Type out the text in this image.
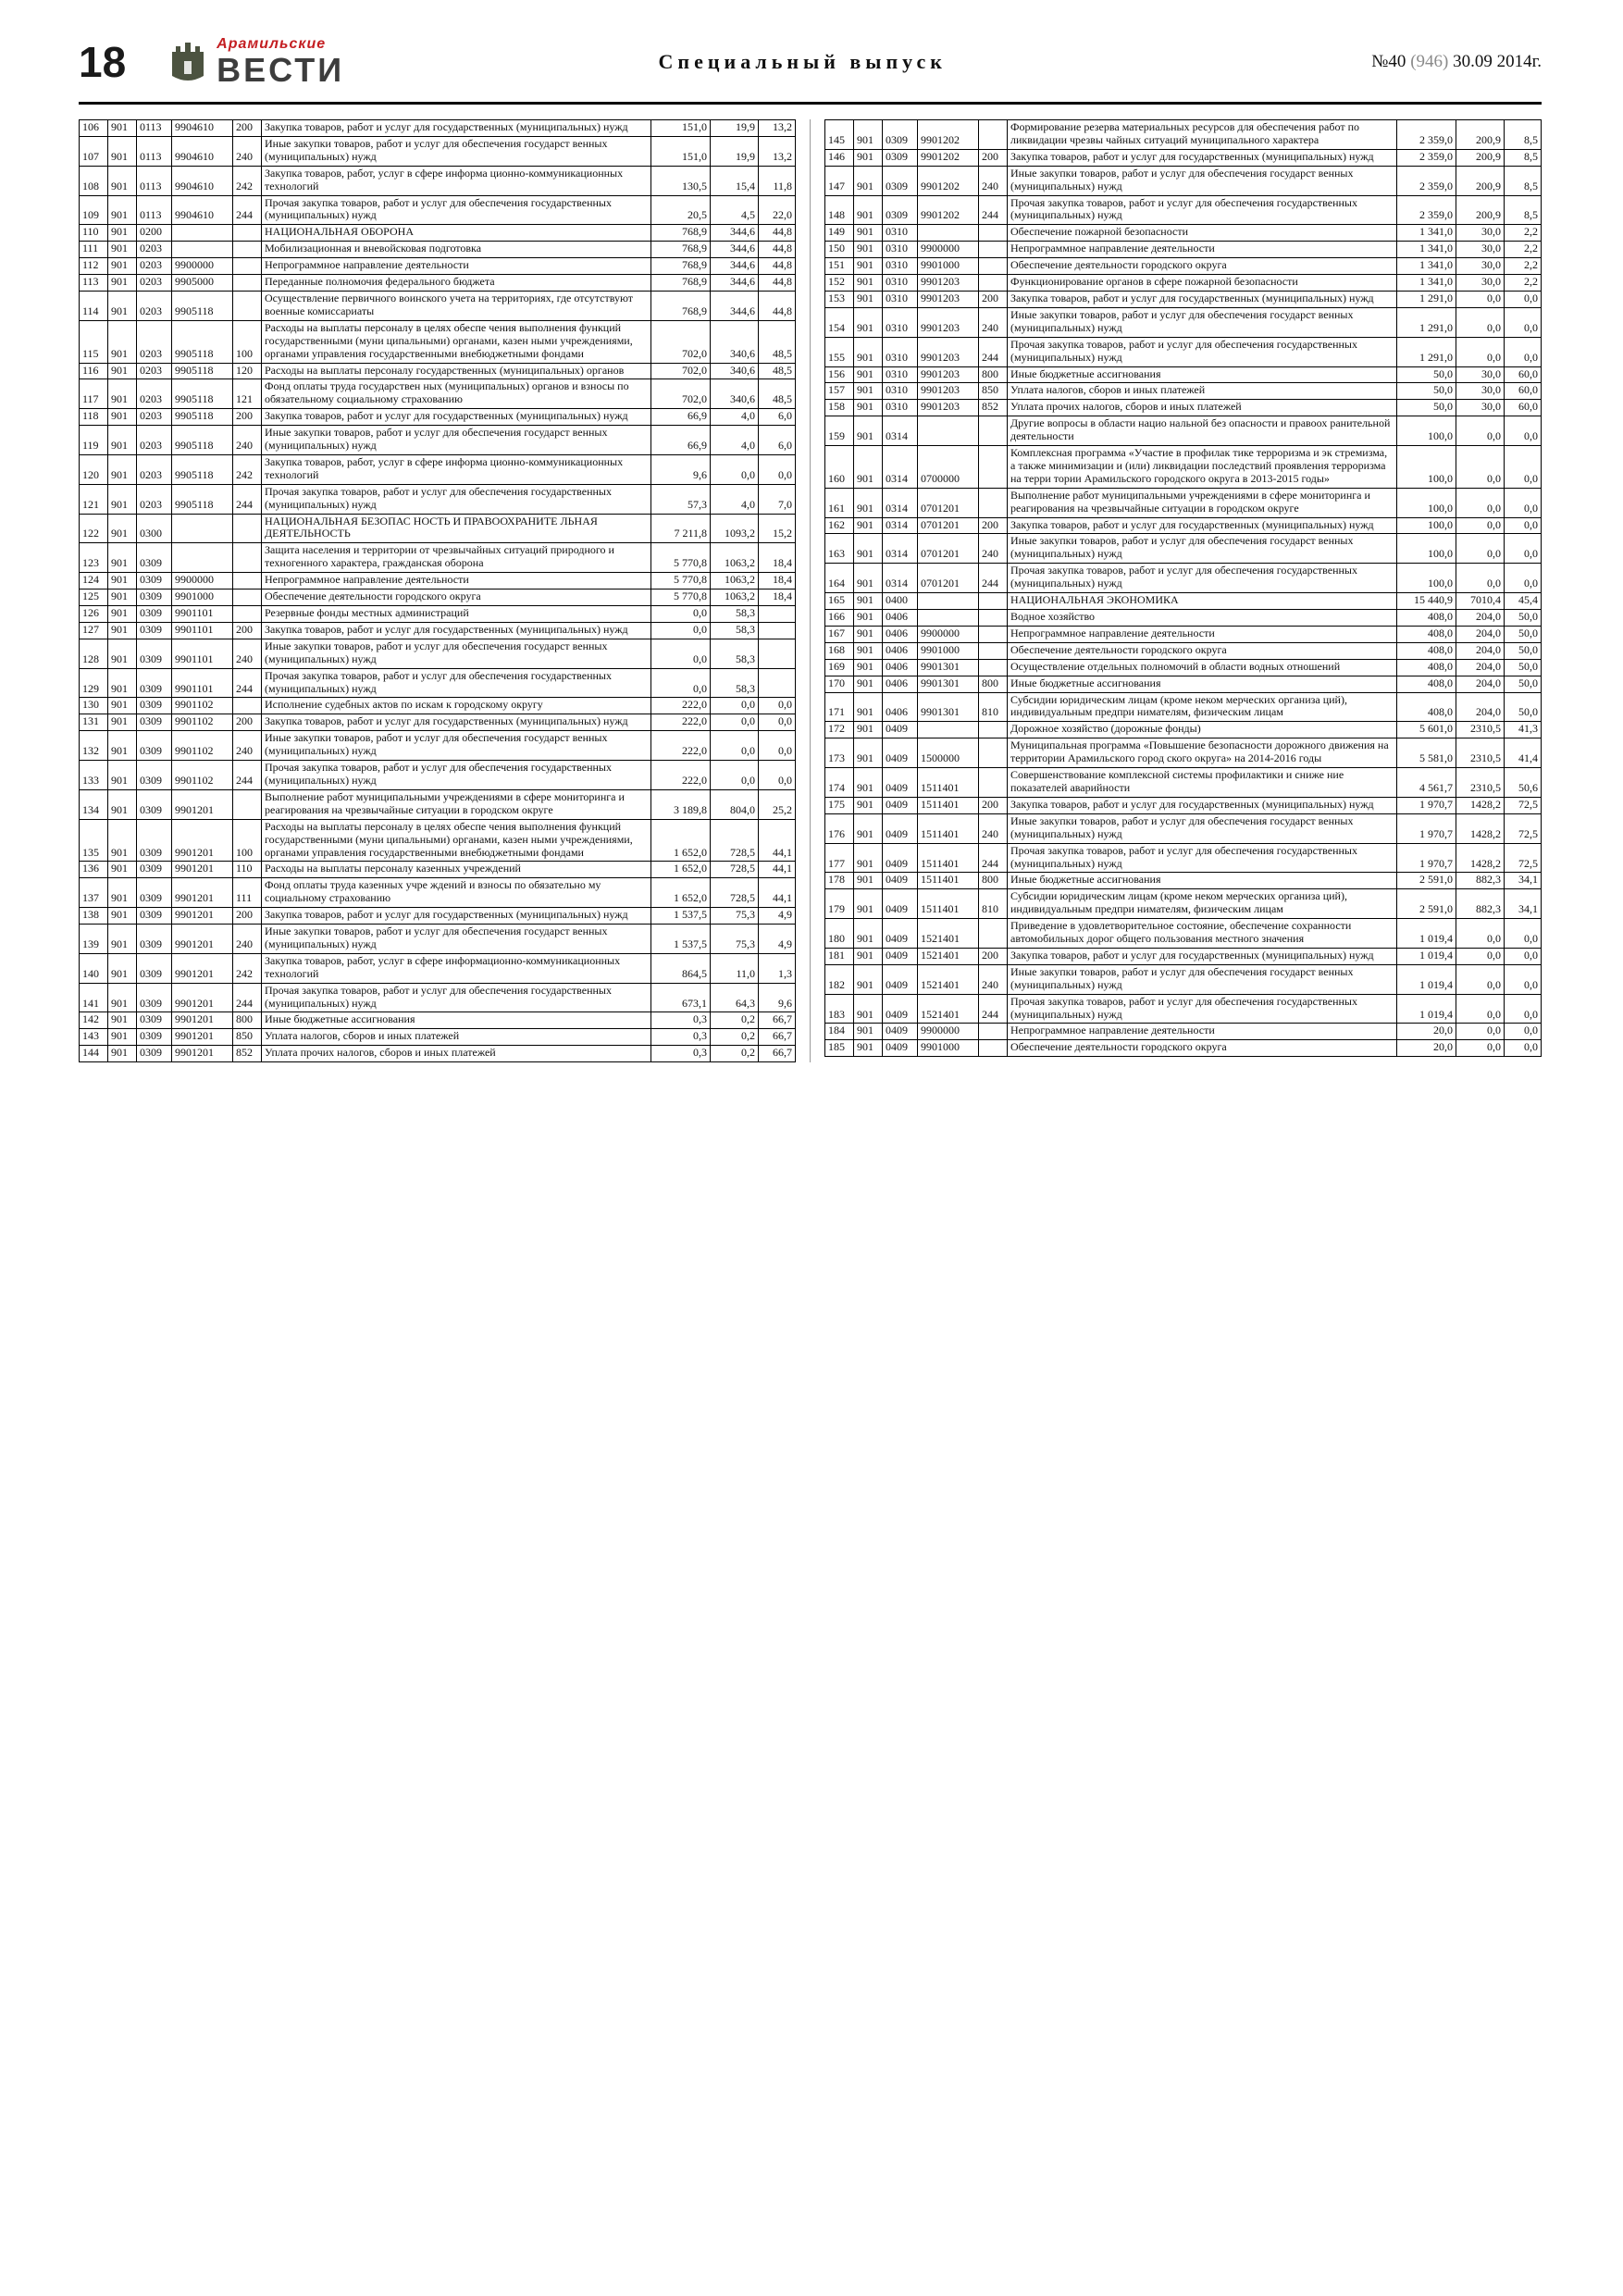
18	Арамильские
ВЕСТИ	Специальный выпуск	№40 (946) 30.09 2014г.
106	901	0113	9904610	200	Закупка товаров, работ и услуг для государственных (муниципальных) нужд	151,0	19,9	13,2
107	901	0113	9904610	240	Иные закупки товаров, работ и услуг для обеспечения государст венных (муниципальных) нужд	151,0	19,9	13,2
108	901	0113	9904610	242	Закупка товаров, работ, услуг в сфере информа ционно-коммуникационных технологий	130,5	15,4	11,8
109	901	0113	9904610	244	Прочая закупка товаров, работ и услуг для обеспечения государственных (муниципальных) нужд	20,5	4,5	22,0
110	901	0200			НАЦИОНАЛЬНАЯ ОБОРОНА	768,9	344,6	44,8
111	901	0203			Мобилизационная и вневойсковая подготовка	768,9	344,6	44,8
112	901	0203	9900000		Непрограммное направление деятельности	768,9	344,6	44,8
113	901	0203	9905000		Переданные полномочия федерального бюджета	768,9	344,6	44,8
114	901	0203	9905118		Осуществление первичного воинского учета на территориях, где отсутствуют военные комиссариаты	768,9	344,6	44,8
115	901	0203	9905118	100	Расходы на выплаты персоналу в целях обеспе чения выполнения функций государственными (муни ципальными) органами, казен ными учреждениями, органами управления государственными внебюджетными фондами	702,0	340,6	48,5
116	901	0203	9905118	120	Расходы на выплаты персоналу государственных (муниципальных) органов	702,0	340,6	48,5
117	901	0203	9905118	121	Фонд оплаты труда государствен ных (муниципальных) органов и взносы по обязательному социальному страхованию	702,0	340,6	48,5
118	901	0203	9905118	200	Закупка товаров, работ и услуг для государственных (муниципальных) нужд	66,9	4,0	6,0
119	901	0203	9905118	240	Иные закупки товаров, работ и услуг для обеспечения государст венных (муниципальных) нужд	66,9	4,0	6,0
120	901	0203	9905118	242	Закупка товаров, работ, услуг в сфере информа ционно-коммуникационных технологий	9,6	0,0	0,0
121	901	0203	9905118	244	Прочая закупка товаров, работ и услуг для обеспечения государственных (муниципальных) нужд	57,3	4,0	7,0
122	901	0300			НАЦИОНАЛЬНАЯ БЕЗОПАС НОСТЬ И ПРАВООХРАНИТЕ ЛЬНАЯ ДЕЯТЕЛЬНОСТЬ	7 211,8	1093,2	15,2
123	901	0309			Защита населения и территории от чрезвычайных ситуаций природного и техногенного характера, гражданская оборона	5 770,8	1063,2	18,4
124	901	0309	9900000		Непрограммное направление деятельности	5 770,8	1063,2	18,4
125	901	0309	9901000		Обеспечение деятельности городского округа	5 770,8	1063,2	18,4
126	901	0309	9901101		Резервные фонды местных администраций	0,0	58,3	
127	901	0309	9901101	200	Закупка товаров, работ и услуг для государственных (муниципальных) нужд	0,0	58,3	
128	901	0309	9901101	240	Иные закупки товаров, работ и услуг для обеспечения государст венных (муниципальных) нужд	0,0	58,3	
129	901	0309	9901101	244	Прочая закупка товаров, работ и услуг для обеспечения государственных (муниципальных) нужд	0,0	58,3	
130	901	0309	9901102		Исполнение судебных актов по искам к городскому округу	222,0	0,0	0,0
131	901	0309	9901102	200	Закупка товаров, работ и услуг для государственных (муниципальных) нужд	222,0	0,0	0,0
132	901	0309	9901102	240	Иные закупки товаров, работ и услуг для обеспечения государст венных (муниципальных) нужд	222,0	0,0	0,0
133	901	0309	9901102	244	Прочая закупка товаров, работ и услуг для обеспечения государственных (муниципальных) нужд	222,0	0,0	0,0
134	901	0309	9901201		Выполнение работ муниципальными учреждениями в сфере мониторинга и реагирования на чрезвычайные ситуации в городском округе	3 189,8	804,0	25,2
135	901	0309	9901201	100	Расходы на выплаты персоналу в целях обеспе чения выполнения функций государственными (муни ципальными) органами, казен ными учреждениями, органами управления государственными внебюджетными фондами	1 652,0	728,5	44,1
136	901	0309	9901201	110	Расходы на выплаты персоналу казенных учреждений	1 652,0	728,5	44,1
137	901	0309	9901201	111	Фонд оплаты труда казенных учре ждений и взносы по обязательно му социальному страхованию	1 652,0	728,5	44,1
138	901	0309	9901201	200	Закупка товаров, работ и услуг для государственных (муниципальных) нужд	1 537,5	75,3	4,9
139	901	0309	9901201	240	Иные закупки товаров, работ и услуг для обеспечения государст венных (муниципальных) нужд	1 537,5	75,3	4,9
140	901	0309	9901201	242	Закупка товаров, работ, услуг в сфере информационно-коммуникационных технологий	864,5	11,0	1,3
141	901	0309	9901201	244	Прочая закупка товаров, работ и услуг для обеспечения государственных (муниципальных) нужд	673,1	64,3	9,6
142	901	0309	9901201	800	Иные бюджетные ассигнования	0,3	0,2	66,7
143	901	0309	9901201	850	Уплата налогов, сборов и иных платежей	0,3	0,2	66,7
144	901	0309	9901201	852	Уплата прочих налогов, сборов и иных платежей	0,3	0,2	66,7
145	901	0309	9901202		Формирование резерва материальных ресурсов для обеспечения работ по ликвидации чрезвы чайных ситуаций муниципального характера	2 359,0	200,9	8,5
146	901	0309	9901202	200	Закупка товаров, работ и услуг для государственных (муниципальных) нужд	2 359,0	200,9	8,5
147	901	0309	9901202	240	Иные закупки товаров, работ и услуг для обеспечения государст венных (муниципальных) нужд	2 359,0	200,9	8,5
148	901	0309	9901202	244	Прочая закупка товаров, работ и услуг для обеспечения государственных (муниципальных) нужд	2 359,0	200,9	8,5
149	901	0310			Обеспечение пожарной безопасности	1 341,0	30,0	2,2
150	901	0310	9900000		Непрограммное направление деятельности	1 341,0	30,0	2,2
151	901	0310	9901000		Обеспечение деятельности городского округа	1 341,0	30,0	2,2
152	901	0310	9901203		Функционирование органов в сфере пожарной безопасности	1 341,0	30,0	2,2
153	901	0310	9901203	200	Закупка товаров, работ и услуг для государственных (муниципальных) нужд	1 291,0	0,0	0,0
154	901	0310	9901203	240	Иные закупки товаров, работ и услуг для обеспечения государст венных (муниципальных) нужд	1 291,0	0,0	0,0
155	901	0310	9901203	244	Прочая закупка товаров, работ и услуг для обеспечения государственных (муниципальных) нужд	1 291,0	0,0	0,0
156	901	0310	9901203	800	Иные бюджетные ассигнования	50,0	30,0	60,0
157	901	0310	9901203	850	Уплата налогов, сборов и иных платежей	50,0	30,0	60,0
158	901	0310	9901203	852	Уплата прочих налогов, сборов и иных платежей	50,0	30,0	60,0
159	901	0314			Другие вопросы в области нацио нальной без опасности и правоох ранительной деятельности	100,0	0,0	0,0
160	901	0314	0700000		Комплексная программа «Участие в профилак тике терроризма и эк стремизма, а также минимизации и (или) ликвидации последствий проявления терроризма на терри тории Арамильского городского округа в 2013-2015 годы»	100,0	0,0	0,0
161	901	0314	0701201		Выполнение работ муниципальными учреждениями в сфере мониторинга и реагирования на чрезвычайные ситуации в городском округе	100,0	0,0	0,0
162	901	0314	0701201	200	Закупка товаров, работ и услуг для государственных (муниципальных) нужд	100,0	0,0	0,0
163	901	0314	0701201	240	Иные закупки товаров, работ и услуг для обеспечения государст венных (муниципальных) нужд	100,0	0,0	0,0
164	901	0314	0701201	244	Прочая закупка товаров, работ и услуг для обеспечения государственных (муниципальных) нужд	100,0	0,0	0,0
165	901	0400			НАЦИОНАЛЬНАЯ ЭКОНОМИКА	15 440,9	7010,4	45,4
166	901	0406			Водное хозяйство	408,0	204,0	50,0
167	901	0406	9900000		Непрограммное направление деятельности	408,0	204,0	50,0
168	901	0406	9901000		Обеспечение деятельности городского округа	408,0	204,0	50,0
169	901	0406	9901301		Осуществление отдельных полномочий в области водных отношений	408,0	204,0	50,0
170	901	0406	9901301	800	Иные бюджетные ассигнования	408,0	204,0	50,0
171	901	0406	9901301	810	Субсидии юридическим лицам (кроме неком мерческих организа ций), индивидуальным предпри нимателям, физическим лицам	408,0	204,0	50,0
172	901	0409			Дорожное хозяйство (дорожные фонды)	5 601,0	2310,5	41,3
173	901	0409	1500000		Муниципальная программа «Повышение безопасности дорожного движения на территории Арамильского город ского округа» на 2014-2016 годы	5 581,0	2310,5	41,4
174	901	0409	1511401		Совершенствование комплексной системы профилактики и сниже ние показателей аварийности	4 561,7	2310,5	50,6
175	901	0409	1511401	200	Закупка товаров, работ и услуг для государственных (муниципальных) нужд	1 970,7	1428,2	72,5
176	901	0409	1511401	240	Иные закупки товаров, работ и услуг для обеспечения государст венных (муниципальных) нужд	1 970,7	1428,2	72,5
177	901	0409	1511401	244	Прочая закупка товаров, работ и услуг для обеспечения государственных (муниципальных) нужд	1 970,7	1428,2	72,5
178	901	0409	1511401	800	Иные бюджетные ассигнования	2 591,0	882,3	34,1
179	901	0409	1511401	810	Субсидии юридическим лицам (кроме неком мерческих организа ций), индивидуальным предпри нимателям, физическим лицам	2 591,0	882,3	34,1
180	901	0409	1521401		Приведение в удовлетворительное состояние, обеспечение сохранности автомобильных дорог общего пользования местного значения	1 019,4	0,0	0,0
181	901	0409	1521401	200	Закупка товаров, работ и услуг для государственных (муниципальных) нужд	1 019,4	0,0	0,0
182	901	0409	1521401	240	Иные закупки товаров, работ и услуг для обеспечения государст венных (муниципальных) нужд	1 019,4	0,0	0,0
183	901	0409	1521401	244	Прочая закупка товаров, работ и услуг для обеспечения государственных (муниципальных) нужд	1 019,4	0,0	0,0
184	901	0409	9900000		Непрограммное направление деятельности	20,0	0,0	0,0
185	901	0409	9901000		Обеспечение деятельности городского округа	20,0	0,0	0,0
